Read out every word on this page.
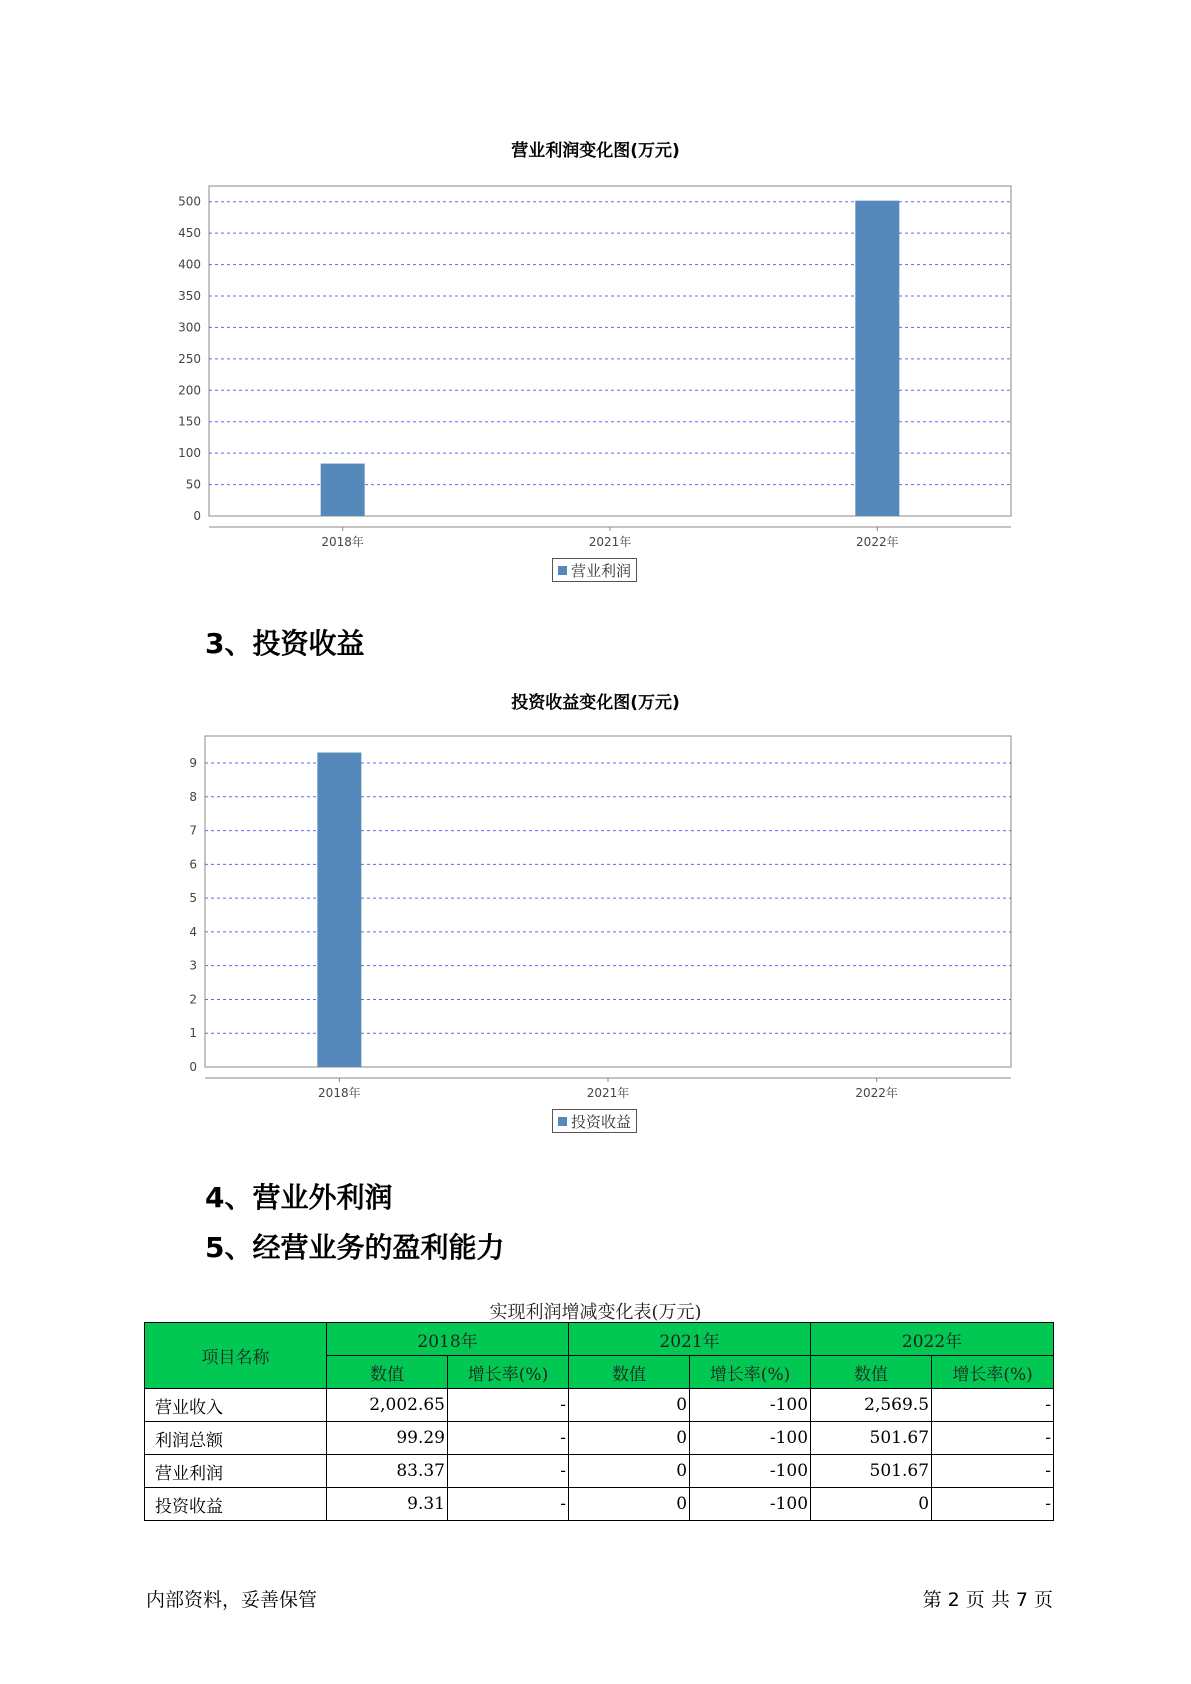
营业利润变化图(万元)
0
50
100
150
200
250
300
350
400
450
500
2018年	2021年	2022年
营业利润
3、投资收益
投资收益变化图(万元)
0
1
2
3
4
5
6
7
8
9
2018年	2021年	2022年
投资收益
4、营业外利润
5、经营业务的盈利能力
实现利润增减变化表(万元)
项目名称	2018年		2021年		2022年	
	数值	增长率(%)	数值	增长率(%)	数值	增长率(%)
营业收入	2,002.65	-	0	-100	2,569.5	-
利润总额	99.29	-	0	-100	501.67	-
营业利润	83.37	-	0	-100	501.67	-
投资收益	9.31	-	0	-100	0	-
内部资料，妥善保管	第 2 页 共 7 页
